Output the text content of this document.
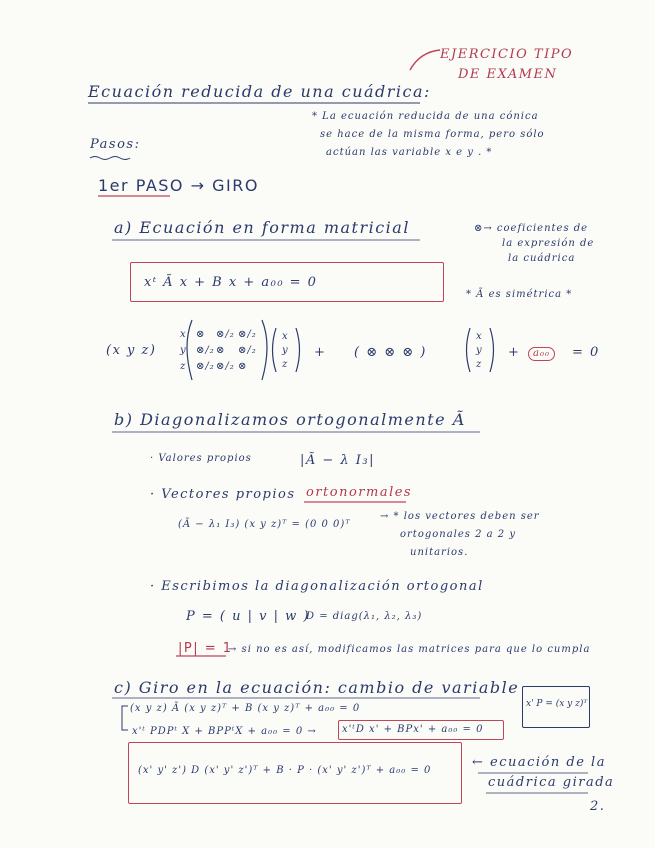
EJERCICIO TIPO
DE EXAMEN
Ecuación reducida de una cuádrica:
* La ecuación reducida de una cónica
se hace de la misma forma, pero sólo
actúan las variable x e y . *
Pasos:
1er PASO → GIRO
a) Ecuación en forma matricial	⊗→ coeficientes de
la expresión de
la cuádrica
xᵗ Ã x + B x + a₀₀ = 0
* Ã es simétrica *
(x y z)
x
y
z
⊗ ⊗/₂ ⊗/₂
⊗/₂ ⊗ ⊗/₂
⊗/₂ ⊗/₂ ⊗
x
y
z
+ ( ⊗ ⊗ ⊗ )
x
y
z
+	a₀₀	= 0
b) Diagonalizamos ortogonalmente Ã
· Valores propios	|Ã − λ I₃|
· Vectores propios ortonormales
(Ã − λ₁ I₃) (x y z)ᵀ = (0 0 0)ᵀ
→ * los vectores deben ser
ortogonales 2 a 2 y
unitarios.
· Escribimos la diagonalización ortogonal
P = ( u | v | w )
D = diag(λ₁, λ₂, λ₃)
|P| = 1
→ si no es así, modificamos las matrices para que lo cumpla
c) Giro en la ecuación: cambio de variable
(x y z) Ã (x y z)ᵀ + B (x y z)ᵀ + a₀₀ = 0
x'ᵗ PDPᵗ X + BPPᵗX + a₀₀ = 0 →	x'ᵗD x' + BPx' + a₀₀ = 0
x' P = (x y z)ᵀ
(x' y' z') D (x' y' z')ᵀ + B · P · (x' y' z')ᵀ + a₀₀ = 0
← ecuación de la
cuádrica girada
2.
